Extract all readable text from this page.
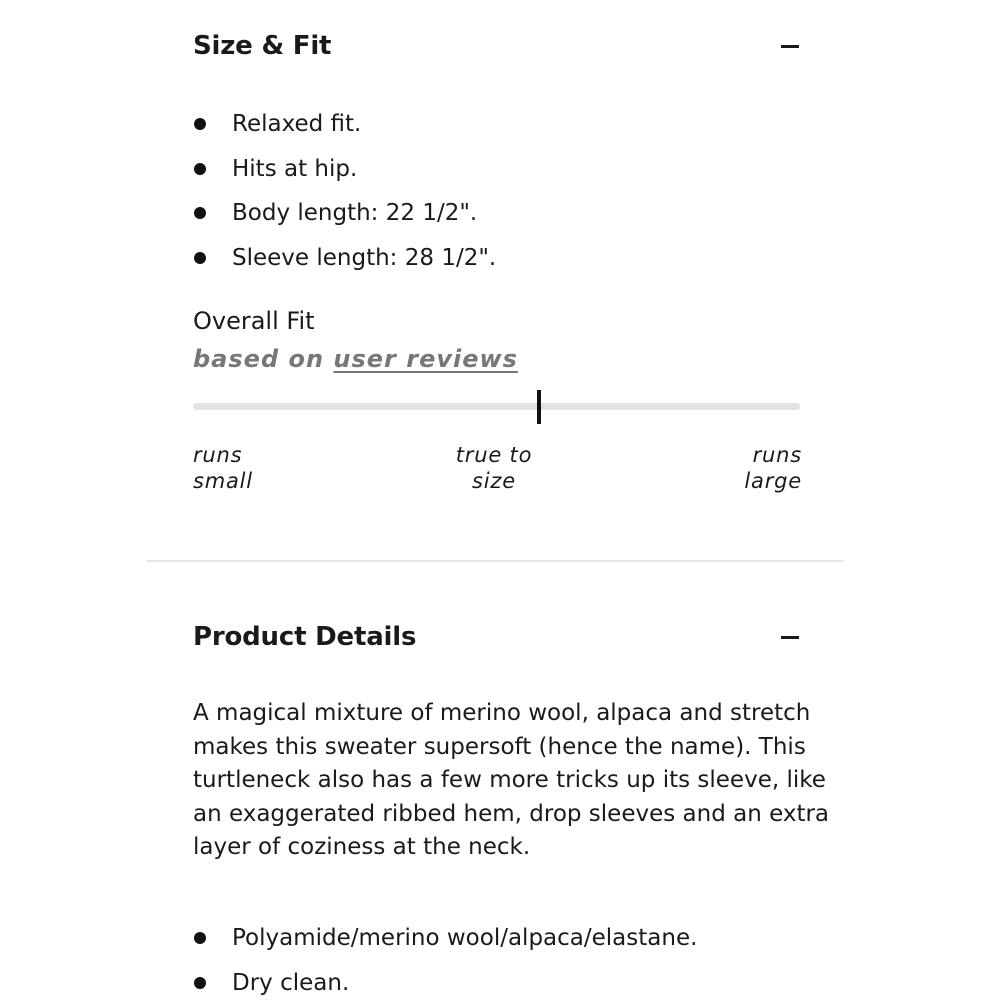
Size & Fit
Relaxed fit.
Hits at hip.
Body length: 22 1/2".
Sleeve length: 28 1/2".
Overall Fit
based on user reviews
runs
small
true to
size
runs
large
Product Details

A magical mixture of merino wool, alpaca and stretch makes this sweater supersoft (hence the name). This turtleneck also has a few more tricks up its sleeve, like an exaggerated ribbed hem, drop sleeves and an extra layer of coziness at the neck.

Polyamide/merino wool/alpaca/elastane.
Dry clean.
